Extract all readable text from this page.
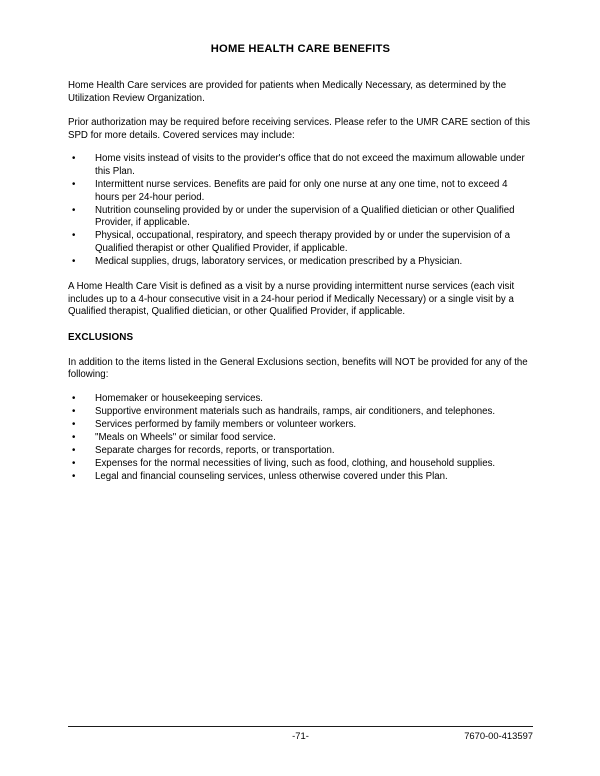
HOME HEALTH CARE BENEFITS

Home Health Care services are provided for patients when Medically Necessary, as determined by the Utilization Review Organization.

Prior authorization may be required before receiving services. Please refer to the UMR CARE section of this SPD for more details. Covered services may include:

• Home visits instead of visits to the provider's office that do not exceed the maximum allowable under this Plan.
• Intermittent nurse services. Benefits are paid for only one nurse at any one time, not to exceed 4 hours per 24-hour period.
• Nutrition counseling provided by or under the supervision of a Qualified dietician or other Qualified Provider, if applicable.
• Physical, occupational, respiratory, and speech therapy provided by or under the supervision of a Qualified therapist or other Qualified Provider, if applicable.
• Medical supplies, drugs, laboratory services, or medication prescribed by a Physician.

A Home Health Care Visit is defined as a visit by a nurse providing intermittent nurse services (each visit includes up to a 4-hour consecutive visit in a 24-hour period if Medically Necessary) or a single visit by a Qualified therapist, Qualified dietician, or other Qualified Provider, if applicable.

EXCLUSIONS

In addition to the items listed in the General Exclusions section, benefits will NOT be provided for any of the following:

• Homemaker or housekeeping services.
• Supportive environment materials such as handrails, ramps, air conditioners, and telephones.
• Services performed by family members or volunteer workers.
• "Meals on Wheels" or similar food service.
• Separate charges for records, reports, or transportation.
• Expenses for the normal necessities of living, such as food, clothing, and household supplies.
• Legal and financial counseling services, unless otherwise covered under this Plan.
-71-	7670-00-413597
